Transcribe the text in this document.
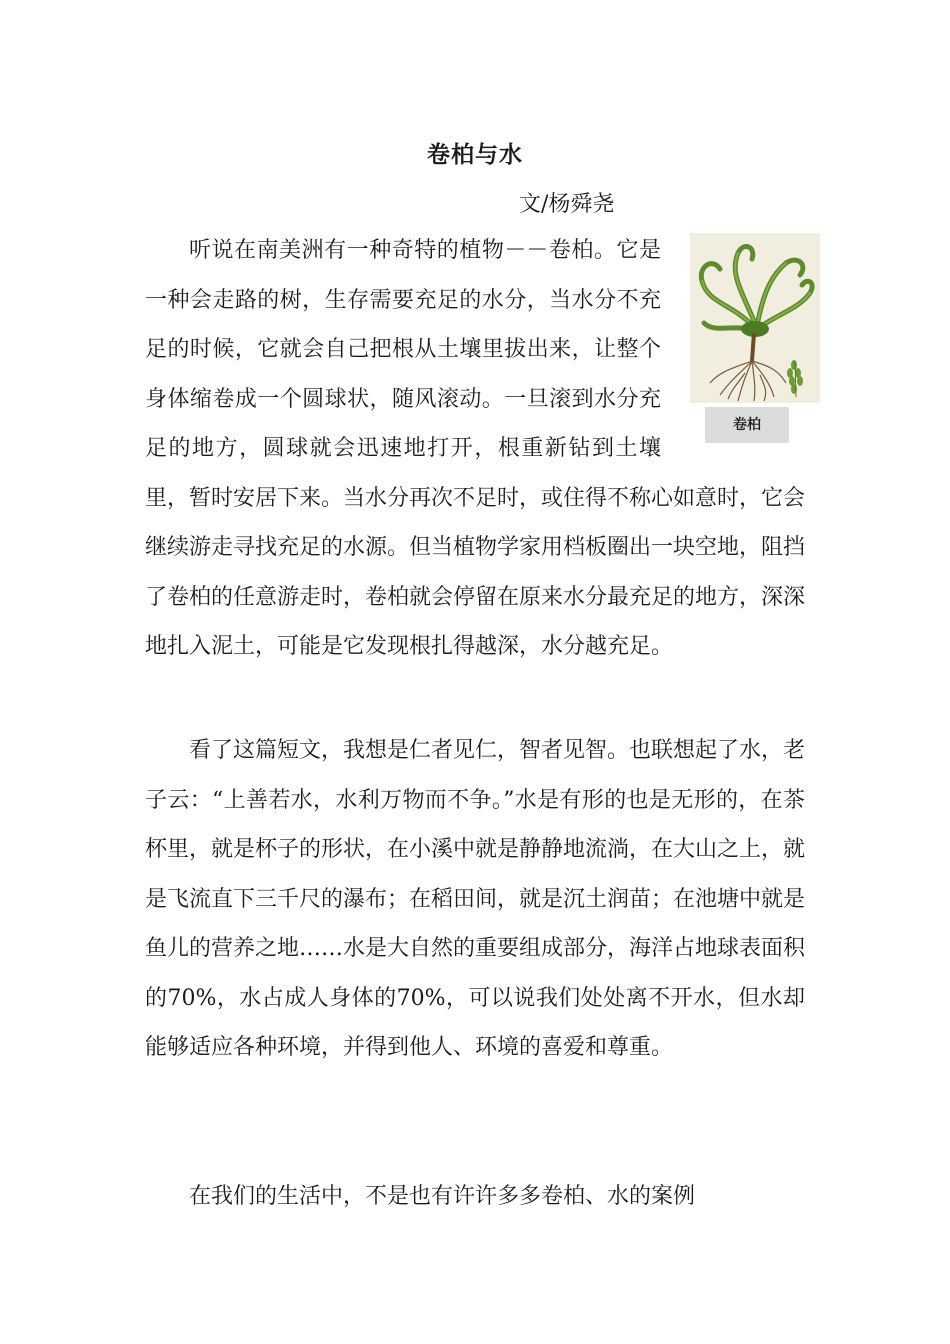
卷柏与水
文/杨舜尧

听说在南美洲有一种奇特的植物－－卷柏。它是一种会走路的树，生存需要充足的水分，当水分不充足的时候，它就会自己把根从土壤里拔出来，让整个身体缩卷成一个圆球状，随风滚动。一旦滚到水分充足的地方，圆球就会迅速地打开，根重新钻到土壤里，暂时安居下来。当水分再次不足时，或住得不称心如意时，它会继续游走寻找充足的水源。但当植物学家用档板圈出一块空地，阻挡了卷柏的任意游走时，卷柏就会停留在原来水分最充足的地方，深深地扎入泥土，可能是它发现根扎得越深，水分越充足。

卷柏

看了这篇短文，我想是仁者见仁，智者见智。也联想起了水，老子云：“上善若水，水利万物而不争。”水是有形的也是无形的，在茶杯里，就是杯子的形状，在小溪中就是静静地流淌，在大山之上，就是飞流直下三千尺的瀑布；在稻田间，就是沉土润苗；在池塘中就是鱼儿的营养之地……水是大自然的重要组成部分，海洋占地球表面积的70%，水占成人身体的70%，可以说我们处处离不开水，但水却能够适应各种环境，并得到他人、环境的喜爱和尊重。

在我们的生活中，不是也有许许多多卷柏、水的案例
